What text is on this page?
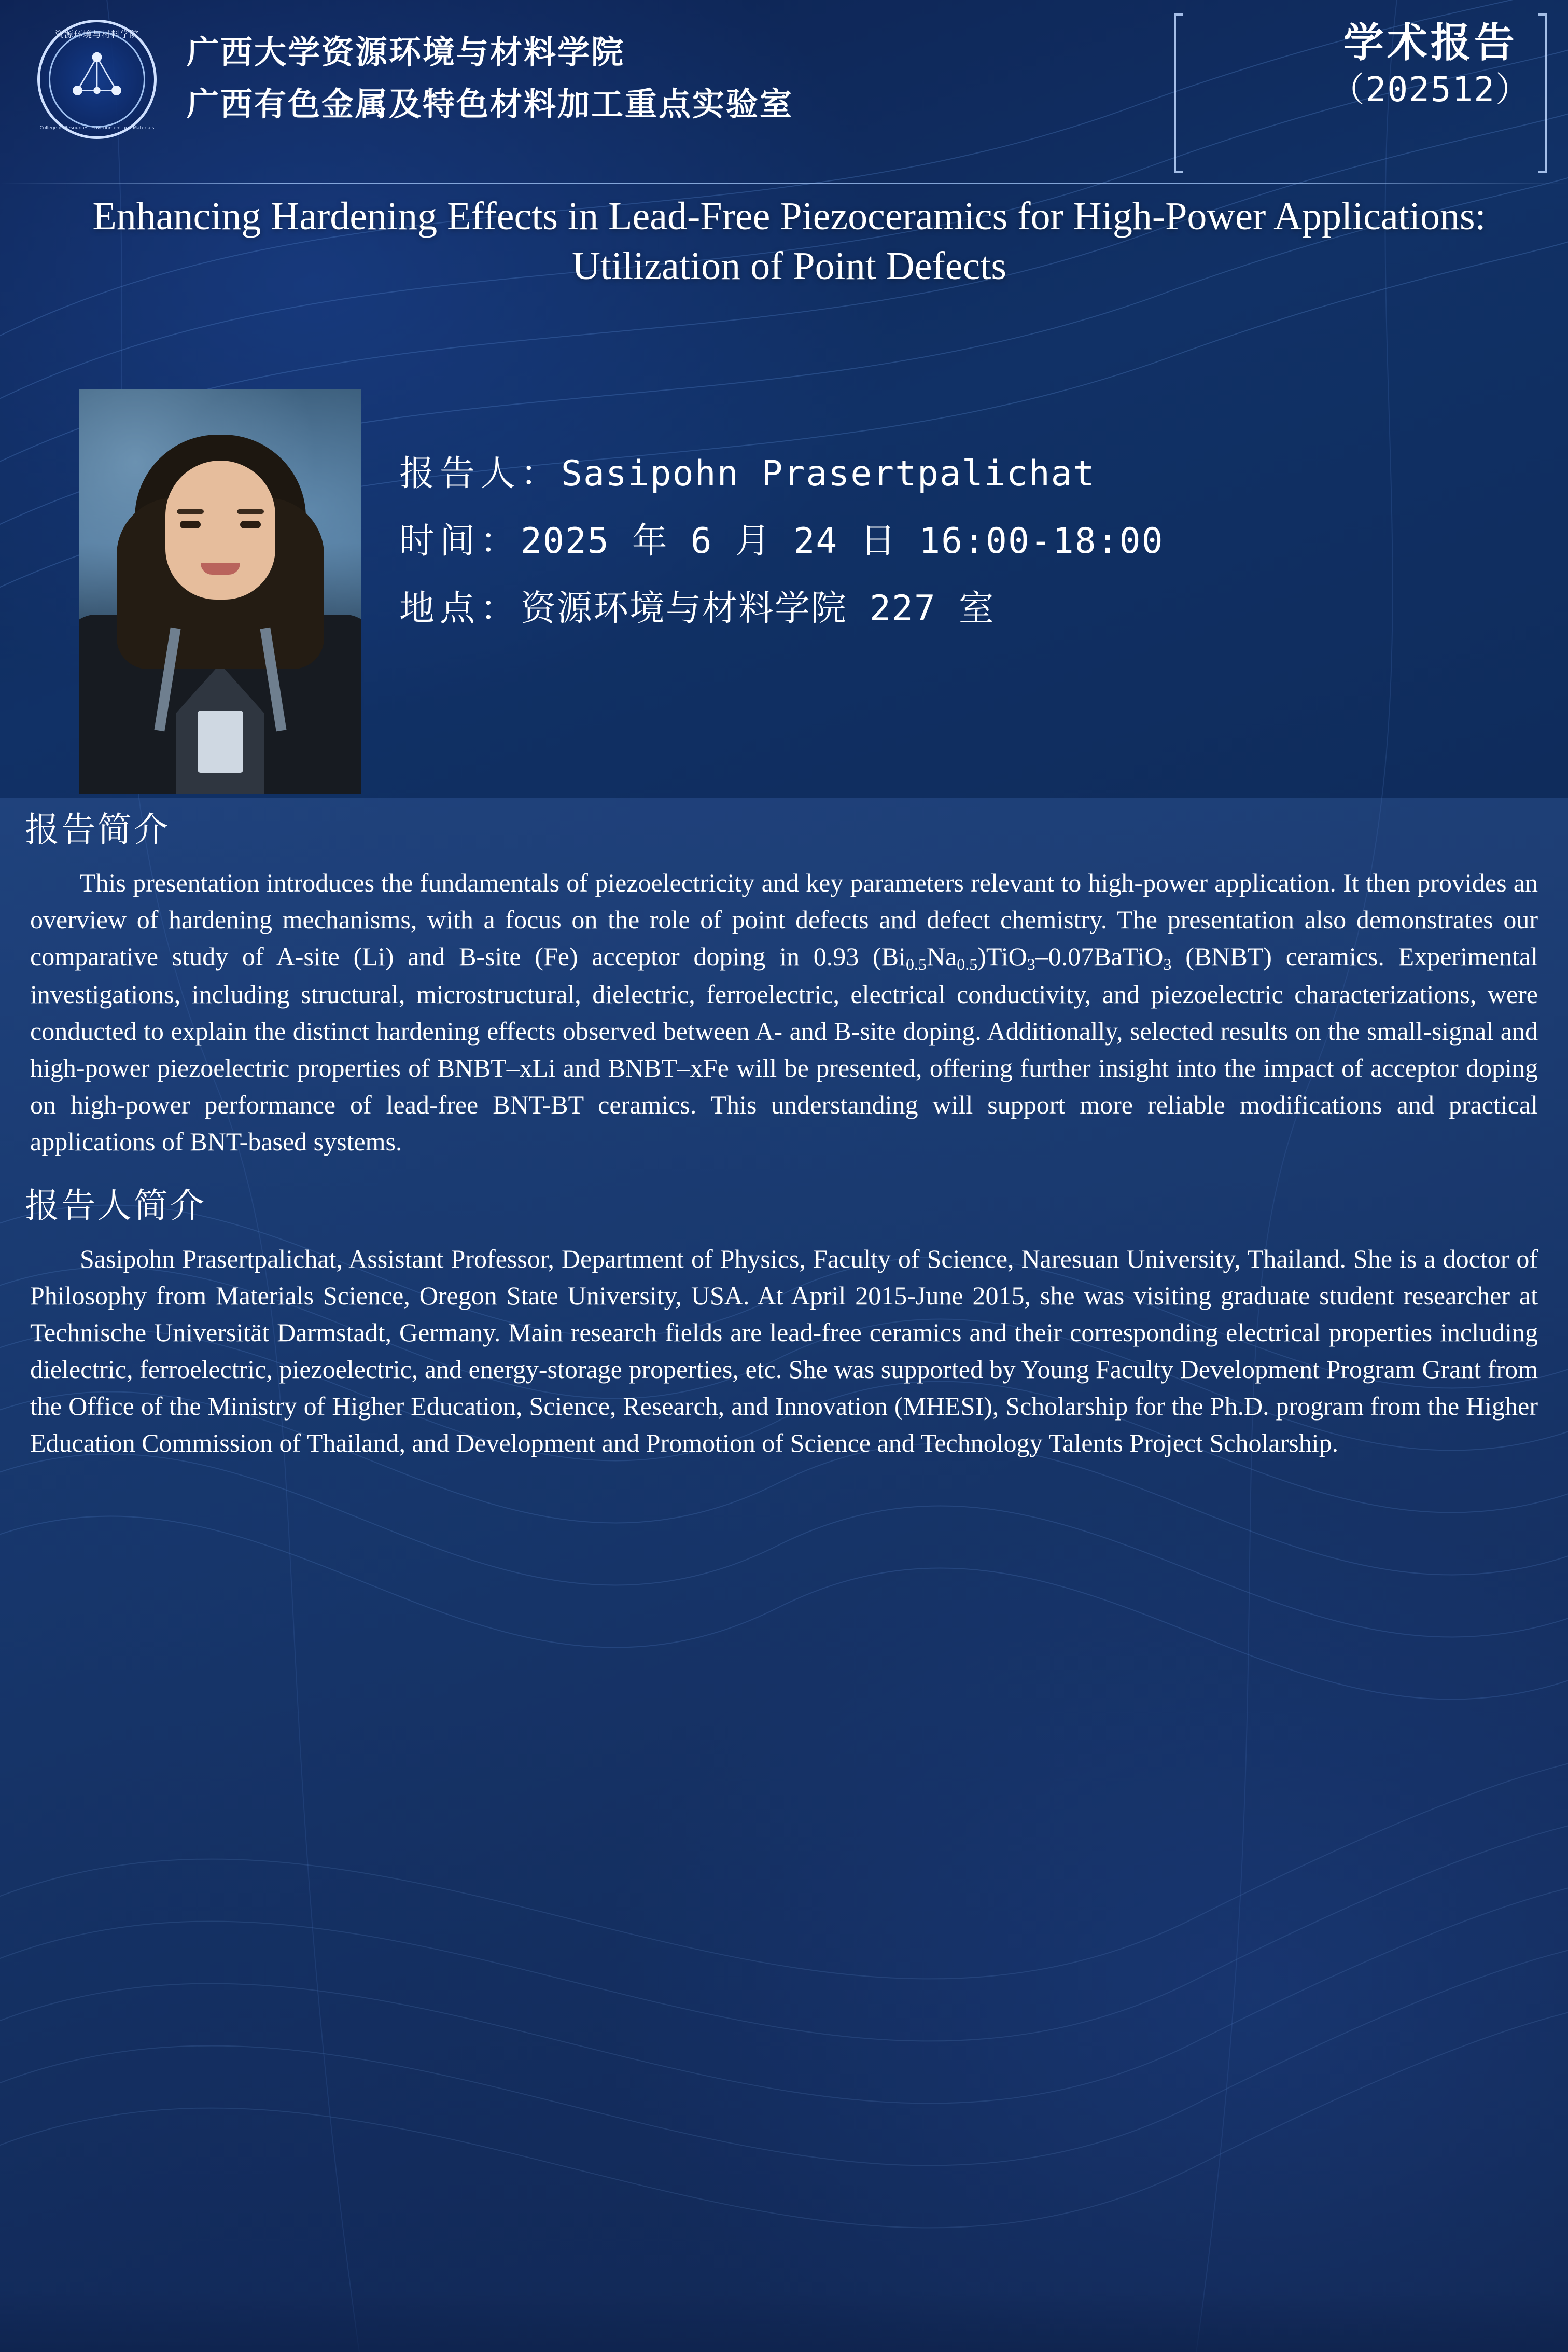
资源环境与材料学院
College of Resources, Environment and Materials
广西大学资源环境与材料学院
广西有色金属及特色材料加工重点实验室
学术报告
（202512）
Enhancing Hardening Effects in Lead-Free Piezoceramics for High-Power Applications: Utilization of Point Defects
报告人：Sasipohn Prasertpalichat
时间：2025 年 6 月 24 日 16:00-18:00
地点：资源环境与材料学院 227 室
报告简介

This presentation introduces the fundamentals of piezoelectricity and key parameters relevant to high-power application. It then provides an overview of hardening mechanisms, with a focus on the role of point defects and defect chemistry. The presentation also demonstrates our comparative study of A-site (Li) and B-site (Fe) acceptor doping in 0.93 $(Bi_{0.5}Na_{0.5})TiO_3-0.07BaTiO_3$ (BNBT) ceramics. Experimental investigations, including structural, microstructural, dielectric, ferroelectric, electrical conductivity, and piezoelectric characterizations, were conducted to explain the distinct hardening effects observed between A- and B-site doping. Additionally, selected results on the small-signal and high-power piezoelectric properties of BNBT–xLi and BNBT–xFe will be presented, offering further insight into the impact of acceptor doping on high-power performance of lead-free BNT-BT ceramics. This understanding will support more reliable modifications and practical applications of BNT-based systems.

报告人简介

Sasipohn Prasertpalichat, Assistant Professor, Department of Physics, Faculty of Science, Naresuan University, Thailand. She is a doctor of Philosophy from Materials Science, Oregon State University, USA. At April 2015-June 2015, she was visiting graduate student researcher at Technische Universität Darmstadt, Germany. Main research fields are lead-free ceramics and their corresponding electrical properties including dielectric, ferroelectric, piezoelectric, and energy-storage properties, etc. She was supported by Young Faculty Development Program Grant from the Office of the Ministry of Higher Education, Science, Research, and Innovation (MHESI), Scholarship for the Ph.D. program from the Higher Education Commission of Thailand, and Development and Promotion of Science and Technology Talents Project Scholarship.
